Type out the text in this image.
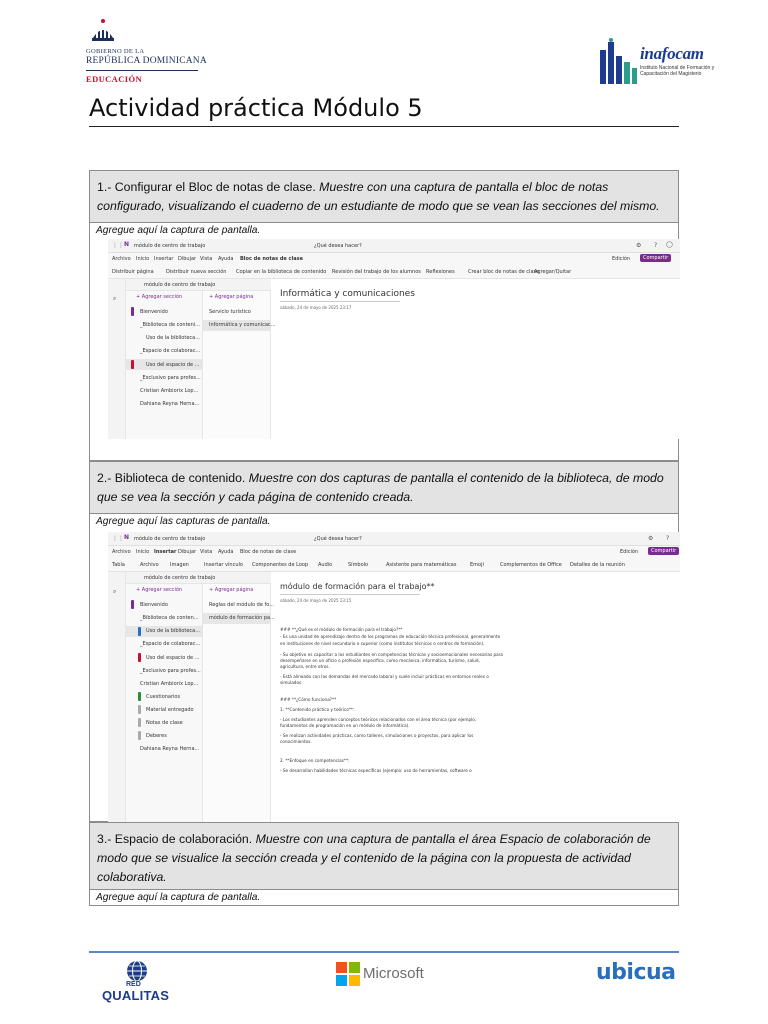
GOBIERNO DE LA
REPÚBLICA DOMINICANA
EDUCACIÓN
inafocam
Instituto Nacional de Formación y Capacitación del Magisterio
Actividad práctica Módulo 5
1.- Configurar el Bloc de notas de clase. Muestre con una captura de pantalla el bloc de notas configurado, visualizando el cuaderno de un estudiante de modo que se vean las secciones del mismo.
Agregue aquí la captura de pantalla.
⋮⋮ N módulo de centro de trabajo	¿Qué desea hacer?	⚙ ? ◯
Archivo Inicio Insertar Dibujar Vista Ayuda Bloc de notas de clase	Edición	Compartir
Distribuir página Distribuir nueva sección Copiar en la biblioteca de contenido Revisión del trabajo de los alumnos Reflexiones	Crear bloc de notas de clase
Agregar/Quitar
⌕
módulo de centro de trabajo
+ Agregar sección
Bienvenido
_Biblioteca de conteni...
Uso de la biblioteca...
_Espacio de colaborac...
Uso del espacio de ...
_Exclusivo para profes...
Cristian Ambiorix Lop...
Dahiana Reyna Herna...
+ Agregar página
Servicio turístico
Informática y comunicac...
Informática y comunicaciones
sábado, 24 de mayo de 2025 23:17
2.- Biblioteca de contenido. Muestre con dos capturas de pantalla el contenido de la biblioteca, de modo que se vea la sección y cada página de contenido creada.
Agregue aquí las capturas de pantalla.
⋮⋮ N módulo de centro de trabajo	¿Qué desea hacer?	⚙ ?
Archivo Inicio Insertar Dibujar Vista Ayuda Bloc de notas de clase	Edición	Compartir
Tabla	Archivo Imagen	Insertar vínculo Componentes de Loop Audio	Símbolo	Asistente para matemáticas	Emoji	Complementos de Office Detalles de la reunión
⌕
módulo de centro de trabajo
+ Agregar sección
Bienvenido
_Biblioteca de conten...
Uso de la biblioteca...
_Espacio de colaborac...
Uso del espacio de ...
_Exclusivo para profes...
Cristian Ambiorix Lop...
Cuestionarios
Material entregado
Notas de clase
Deberes
Dahiana Reyna Herna...
+ Agregar página
Reglas del módulo de fo...
módulo de formación pa...
módulo de formación para el trabajo**
sábado, 24 de mayo de 2025 23:15
### **¿Qué es el módulo de formación para el trabajo?**
- Es una unidad de aprendizaje dentro de los programas de educación técnica profesional, generalmente
en instituciones de nivel secundario o superior (como institutos técnicos o centros de formación).
- Su objetivo es capacitar a los estudiantes en competencias técnicas y socioemocionales necesarias para
desempeñarse en un oficio o profesión específica, como mecánica, informática, turismo, salud,
agricultura, entre otros.
- Está alineado con las demandas del mercado laboral y suele incluir prácticas en entornos reales o
simulados.
### **¿Cómo funciona?**
1. **Contenido práctico y teórico**:
- Los estudiantes aprenden conceptos teóricos relacionados con el área técnica (por ejemplo,
fundamentos de programación en un módulo de informática).
- Se realizan actividades prácticas, como talleres, simulaciones o proyectos, para aplicar los
conocimientos.
2. **Enfoque en competencias**:
- Se desarrollan habilidades técnicas específicas (ejemplo: uso de herramientas, software o
3.- Espacio de colaboración. Muestre con una captura de pantalla el área Espacio de colaboración de modo que se visualice la sección creada y el contenido de la página con la propuesta de actividad colaborativa.
Agregue aquí la captura de pantalla.
RED
QUALITAS
Microsoft	ubicua
